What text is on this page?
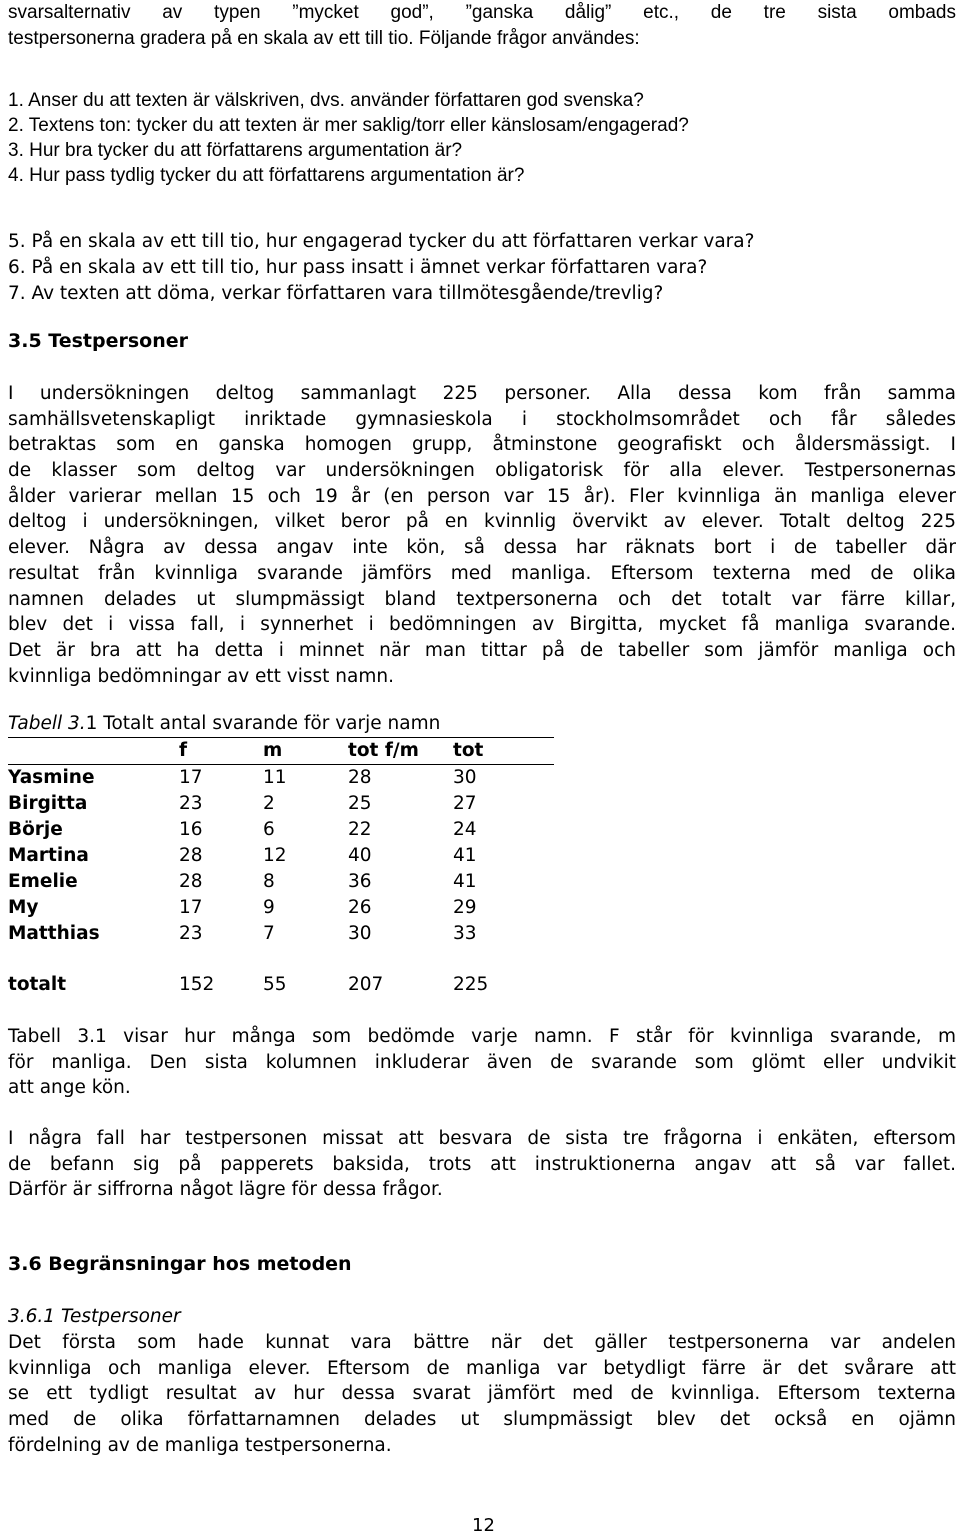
svarsalternativ av typen ”mycket god”, ”ganska dålig” etc., de tre sista ombads
testpersonerna gradera på en skala av ett till tio. Följande frågor användes:
1. Anser du att texten är välskriven, dvs. använder författaren god svenska?
2. Textens ton: tycker du att texten är mer saklig/torr eller känslosam/engagerad?
3. Hur bra tycker du att författarens argumentation är?
4. Hur pass tydlig tycker du att författarens argumentation är?
5. På en skala av ett till tio, hur engagerad tycker du att författaren verkar vara?
6. På en skala av ett till tio, hur pass insatt i ämnet verkar författaren vara?
7. Av texten att döma, verkar författaren vara tillmötesgående/trevlig?
3.5 Testpersoner
I undersökningen deltog sammanlagt 225 personer. Alla dessa kom från samma
samhällsvetenskapligt inriktade gymnasieskola i stockholmsområdet och får således
betraktas som en ganska homogen grupp, åtminstone geografiskt och åldersmässigt. I
de klasser som deltog var undersökningen obligatorisk för alla elever. Testpersonernas
ålder varierar mellan 15 och 19 år (en person var 15 år). Fler kvinnliga än manliga elever
deltog i undersökningen, vilket beror på en kvinnlig övervikt av elever. Totalt deltog 225
elever. Några av dessa angav inte kön, så dessa har räknats bort i de tabeller där
resultat från kvinnliga svarande jämförs med manliga. Eftersom texterna med de olika
namnen delades ut slumpmässigt bland textpersonerna och det totalt var färre killar,
blev det i vissa fall, i synnerhet i bedömningen av Birgitta, mycket få manliga svarande.
Det är bra att ha detta i minnet när man tittar på de tabeller som jämför manliga och
kvinnliga bedömningar av ett visst namn.
Tabell 3.1 Totalt antal svarande för varje namn
	f	m	tot f/m	tot
Yasmine	17	11	28	30
Birgitta	23	2	25	27
Börje	16	6	22	24
Martina	28	12	40	41
Emelie	28	8	36	41
My	17	9	26	29
Matthias	23	7	30	33
totalt	152	55	207	225
Tabell 3.1 visar hur många som bedömde varje namn. F står för kvinnliga svarande, m
för manliga. Den sista kolumnen inkluderar även de svarande som glömt eller undvikit
att ange kön.
I några fall har testpersonen missat att besvara de sista tre frågorna i enkäten, eftersom
de befann sig på papperets baksida, trots att instruktionerna angav att så var fallet.
Därför är siffrorna något lägre för dessa frågor.
3.6 Begränsningar hos metoden
3.6.1 Testpersoner
Det första som hade kunnat vara bättre när det gäller testpersonerna var andelen
kvinnliga och manliga elever. Eftersom de manliga var betydligt färre är det svårare att
se ett tydligt resultat av hur dessa svarat jämfört med de kvinnliga. Eftersom texterna
med de olika författarnamnen delades ut slumpmässigt blev det också en ojämn
fördelning av de manliga testpersonerna.
12
